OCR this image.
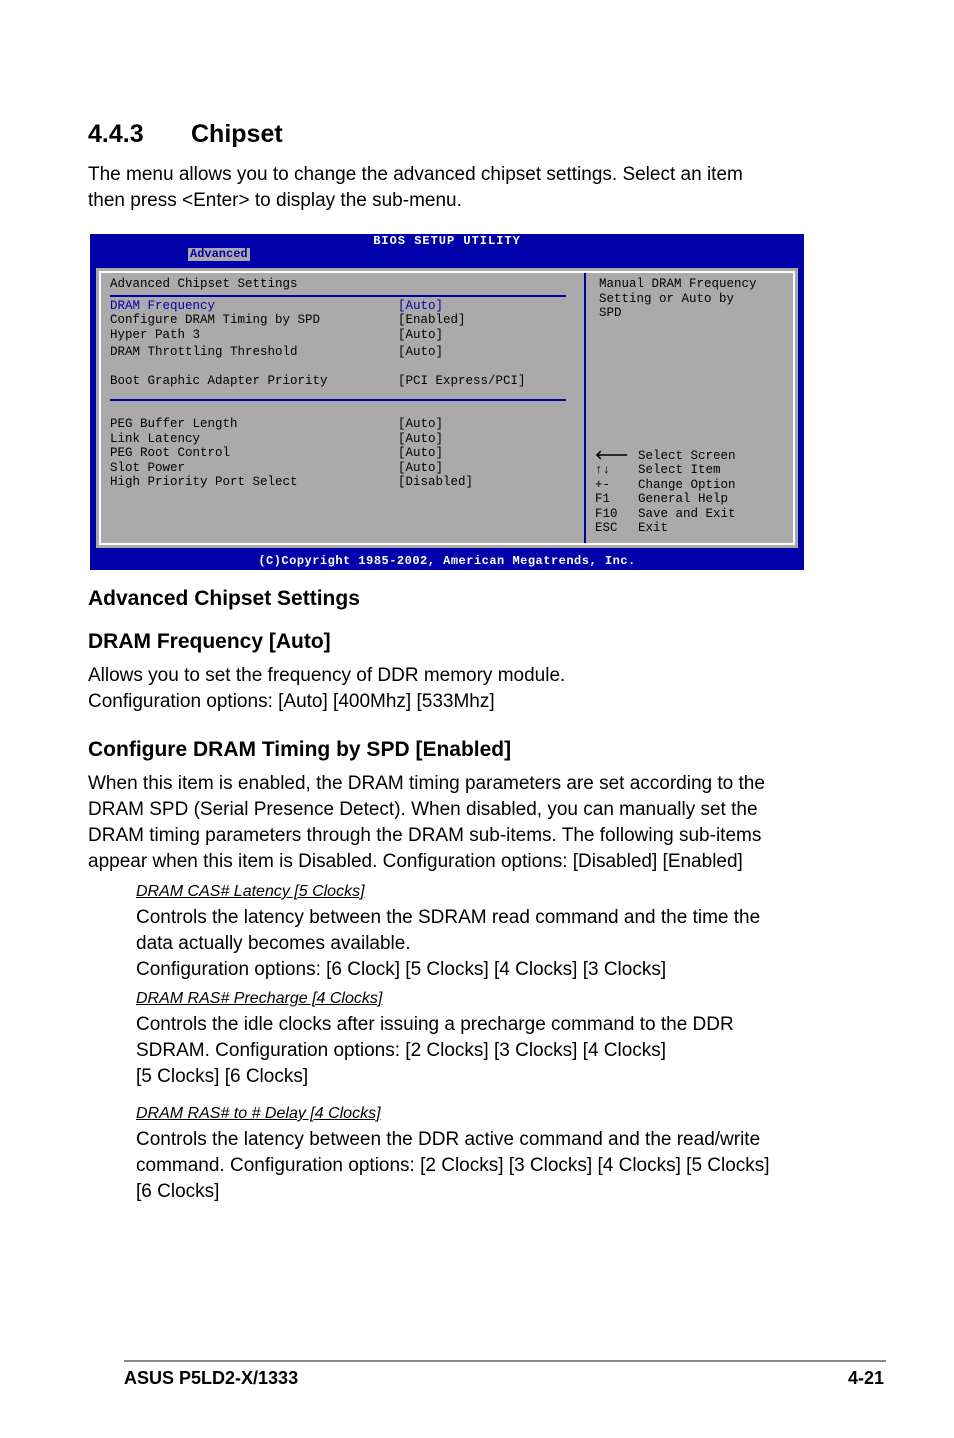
4.4.3 Chipset
The menu allows you to change the advanced chipset settings. Select an item
then press <Enter> to display the sub-menu.
BIOS SETUP UTILITY
Advanced
Advanced Chipset Settings
DRAM Frequency	[Auto]
Configure DRAM Timing by SPD	[Enabled]
Hyper Path 3	[Auto]
DRAM Throttling Threshold	[Auto]
Boot Graphic Adapter Priority	[PCI Express/PCI]
PEG Buffer Length	[Auto]
Link Latency	[Auto]
PEG Root Control	[Auto]
Slot Power	[Auto]
High Priority Port Select	[Disabled]
Manual DRAM Frequency
Setting or Auto by
SPD
🡐 Select Screen
↑↓ Select Item
+- Change Option
F1 General Help
F10 Save and Exit
ESC Exit
(C)Copyright 1985-2002, American Megatrends, Inc.
Advanced Chipset Settings
DRAM Frequency [Auto]
Allows you to set the frequency of DDR memory module.
Configuration options: [Auto] [400Mhz] [533Mhz]
Configure DRAM Timing by SPD [Enabled]
When this item is enabled, the DRAM timing parameters are set according to the
DRAM SPD (Serial Presence Detect). When disabled, you can manually set the
DRAM timing parameters through the DRAM sub-items. The following sub-items
appear when this item is Disabled. Configuration options: [Disabled] [Enabled]
DRAM CAS# Latency [5 Clocks]
Controls the latency between the SDRAM read command and the time the
data actually becomes available.
Configuration options: [6 Clock] [5 Clocks] [4 Clocks] [3 Clocks]
DRAM RAS# Precharge [4 Clocks]
Controls the idle clocks after issuing a precharge command to the DDR
SDRAM. Configuration options: [2 Clocks] [3 Clocks] [4 Clocks]
[5 Clocks] [6 Clocks]
DRAM RAS# to # Delay [4 Clocks]
Controls the latency between the DDR active command and the read/write
command. Configuration options: [2 Clocks] [3 Clocks] [4 Clocks] [5 Clocks]
[6 Clocks]
ASUS P5LD2-X/1333	4-21
